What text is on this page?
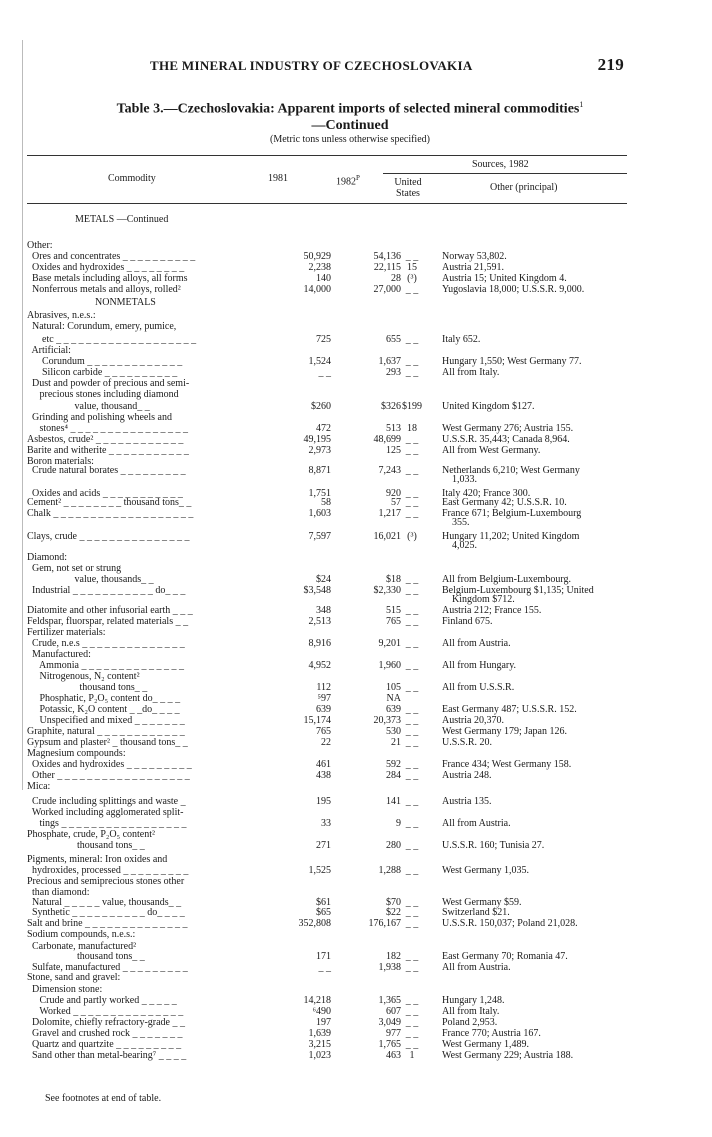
THE MINERAL INDUSTRY OF CZECHOSLOVAKIA	219
Table 3.—Czechoslovakia: Apparent imports of selected mineral commodities$^1$
—Continued
(Metric tons unless otherwise specified)
Commodity	1981	$1982^P$
Sources, 1982
United States
Other (principal)
METALS —Continued
NONMETALS
Other:
Ores and concentrates _ _ _ _ _ _ _ _ _ _	50,929	54,136 _ _	Norway 53,802.
Oxides and hydroxides _ _ _ _ _ _ _ _	2,238	22,115 15	Austria 21,591.
Base metals including alloys, all forms	140	28 (³)	Austria 15; United Kingdom 4.
Nonferrous metals and alloys, rolled²	14,000	27,000 _ _	Yugoslavia 18,000; U.S.S.R. 9,000.
Abrasives, n.e.s.:
Natural: Corundum, emery, pumice,
etc _ _ _ _ _ _ _ _ _ _ _ _ _ _ _ _ _ _ _	725	655 _ _	Italy 652.
Artificial:
Corundum _ _ _ _ _ _ _ _ _ _ _ _ _	1,524	1,637 _ _	Hungary 1,550; West Germany 77.
Silicon carbide _ _ _ _ _ _ _ _ _ _	_ _	293 _ _	All from Italy.
Dust and powder of precious and semi-
precious stones including diamond
value, thousand_ _	$260	$326 $199	United Kingdom $127.
Grinding and polishing wheels and
stones⁴ _ _ _ _ _ _ _ _ _ _ _ _ _ _ _ _	472	513 18	West Germany 276; Austria 155.
Asbestos, crude² _ _ _ _ _ _ _ _ _ _ _ _	49,195	48,699 _ _	U.S.S.R. 35,443; Canada 8,964.
Barite and witherite _ _ _ _ _ _ _ _ _ _ _	2,973	125 _ _	All from West Germany.
Boron materials:
Crude natural borates _ _ _ _ _ _ _ _ _	8,871	7,243 _ _	Netherlands 6,210; West Germany
1,033.
Oxides and acids _ _ _ _ _ _ _ _ _ _ _	1,751	920 _ _	Italy 420; France 300.
Cement² _ _ _ _ _ _ _ _ thousand tons_ _	58	57 _ _	East Germany 42; U.S.S.R. 10.
Chalk _ _ _ _ _ _ _ _ _ _ _ _ _ _ _ _ _ _ _	1,603	1,217 _ _	France 671; Belgium-Luxembourg
355.
Clays, crude _ _ _ _ _ _ _ _ _ _ _ _ _ _ _	7,597	16,021 (³)	Hungary 11,202; United Kingdom
4,025.
Diamond:
Gem, not set or strung
value, thousands_ _	$24	$18 _ _	All from Belgium-Luxembourg.
Industrial _ _ _ _ _ _ _ _ _ _ _ do_ _ _	$3,548	$2,330 _ _	Belgium-Luxembourg $1,135; United
Kingdom $712.
Diatomite and other infusorial earth _ _ _	348	515 _ _	Austria 212; France 155.
Feldspar, fluorspar, related materials _ _	2,513	765 _ _	Finland 675.
Fertilizer materials:
Crude, n.e.s _ _ _ _ _ _ _ _ _ _ _ _ _ _	8,916	9,201 _ _	All from Austria.
Manufactured:
Ammonia _ _ _ _ _ _ _ _ _ _ _ _ _ _	4,952	1,960 _ _	All from Hungary.
Nitrogenous, N₂ content²
thousand tons_ _	112	105 _ _	All from U.S.S.R.
Phosphatic, P₂O₅ content do_ _ _ _	⁵97	NA
Potassic, K₂O content _ _do_ _ _ _	639	639 _ _	East Germany 487; U.S.S.R. 152.
Unspecified and mixed _ _ _ _ _ _ _	15,174	20,373 _ _	Austria 20,370.
Graphite, natural _ _ _ _ _ _ _ _ _ _ _ _	765	530 _ _	West Germany 179; Japan 126.
Gypsum and plaster² _ thousand tons_ _	22	21 _ _	U.S.S.R. 20.
Magnesium compounds:
Oxides and hydroxides _ _ _ _ _ _ _ _ _	461	592 _ _	France 434; West Germany 158.
Other _ _ _ _ _ _ _ _ _ _ _ _ _ _ _ _ _ _	438	284 _ _	Austria 248.
Mica:
Crude including splittings and waste _	195	141 _ _	Austria 135.
Worked including agglomerated split-
tings _ _ _ _ _ _ _ _ _ _ _ _ _ _ _ _ _	33	9 _ _	All from Austria.
Phosphate, crude, P₂O₅ content²
thousand tons_ _	271	280 _ _	U.S.S.R. 160; Tunisia 27.
Pigments, mineral: Iron oxides and
hydroxides, processed _ _ _ _ _ _ _ _ _	1,525	1,288 _ _	West Germany 1,035.
Precious and semiprecious stones other
than diamond:
Natural _ _ _ _ _ value, thousands_ _	$61	$70 _ _	West Germany $59.
Synthetic _ _ _ _ _ _ _ _ _ _ do_ _ _ _	$65	$22 _ _	Switzerland $21.
Salt and brine _ _ _ _ _ _ _ _ _ _ _ _ _ _	352,808	176,167 _ _	U.S.S.R. 150,037; Poland 21,028.
Sodium compounds, n.e.s.:
Carbonate, manufactured²
thousand tons_ _	171	182 _ _	East Germany 70; Romania 47.
Sulfate, manufactured _ _ _ _ _ _ _ _ _	_ _	1,938 _ _	All from Austria.
Stone, sand and gravel:
Dimension stone:
Crude and partly worked _ _ _ _ _	14,218	1,365 _ _	Hungary 1,248.
Worked _ _ _ _ _ _ _ _ _ _ _ _ _ _ _	⁶490	607 _ _	All from Italy.
Dolomite, chiefly refractory-grade _ _	197	3,049 _ _	Poland 2,953.
Gravel and crushed rock _ _ _ _ _ _ _	1,639	977 _ _	France 770; Austria 167.
Quartz and quartzite _ _ _ _ _ _ _ _ _	3,215	1,765 _ _	West Germany 1,489.
Sand other than metal-bearing⁷ _ _ _ _	1,023	463 1	West Germany 229; Austria 188.
See footnotes at end of table.
